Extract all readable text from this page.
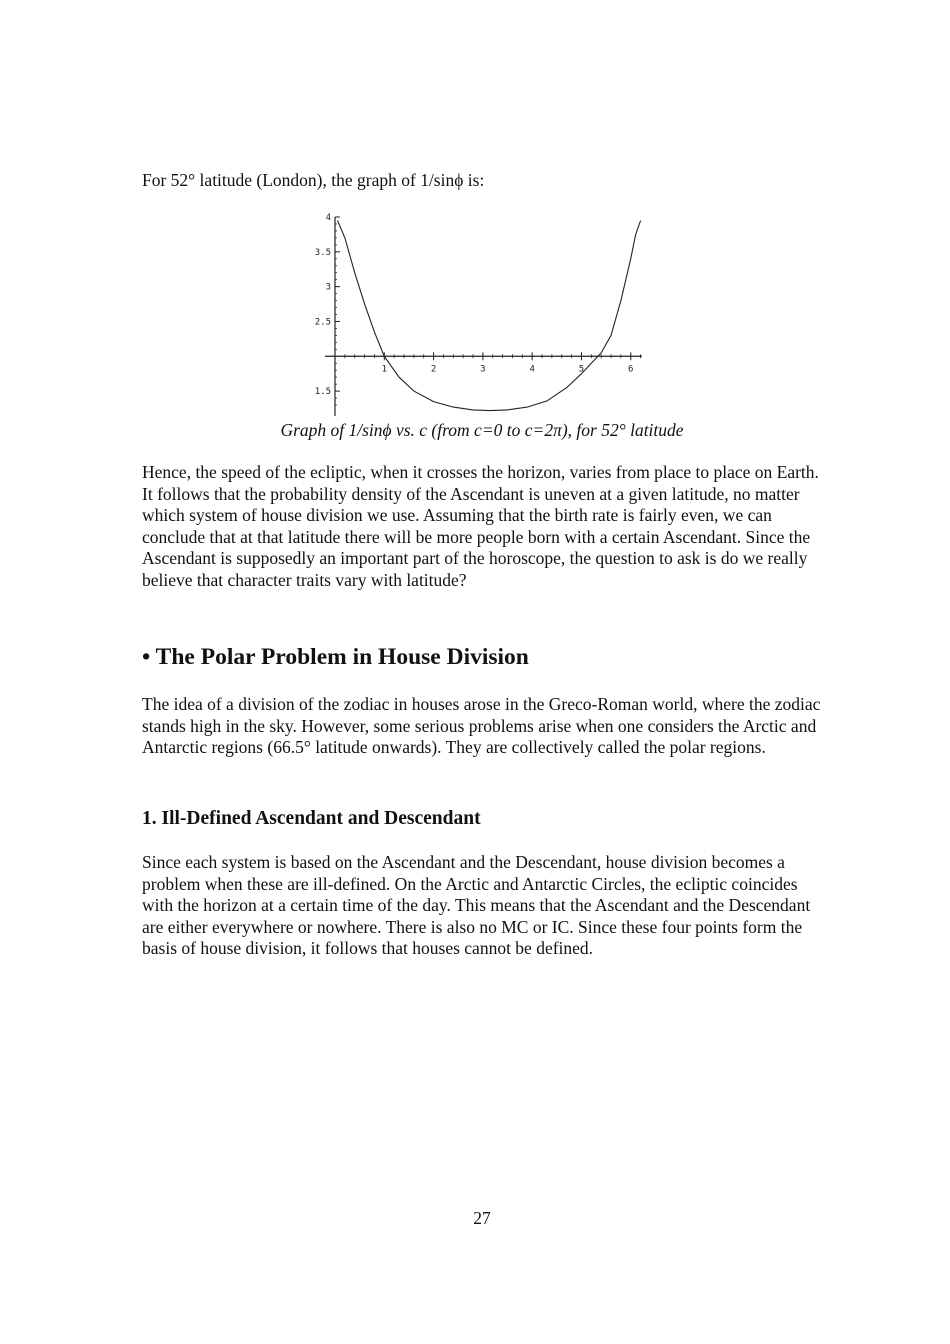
For 52° latitude (London), the graph of 1/sinϕ is:

1	2	3	4	5	6
1.5
2.5
3
3.5
4
Graph of 1/sinϕ vs. c (from c=0 to c=2π), for 52° latitude

Hence, the speed of the ecliptic, when it crosses the horizon, varies from place to place on Earth. It follows that the probability density of the Ascendant is uneven at a given latitude, no matter which system of house division we use. Assuming that the birth rate is fairly even, we can conclude that at that latitude there will be more people born with a certain Ascendant. Since the Ascendant is supposedly an important part of the horoscope, the question to ask is do we really believe that character traits vary with latitude?

• The Polar Problem in House Division

The idea of a division of the zodiac in houses arose in the Greco-Roman world, where the zodiac stands high in the sky. However, some serious problems arise when one considers the Arctic and Antarctic regions (66.5° latitude onwards). They are collectively called the polar regions.

1. Ill-Defined Ascendant and Descendant

Since each system is based on the Ascendant and the Descendant, house division becomes a problem when these are ill-defined. On the Arctic and Antarctic Circles, the ecliptic coincides with the horizon at a certain time of the day. This means that the Ascendant and the Descendant are either everywhere or nowhere. There is also no MC or IC. Since these four points form the basis of house division, it follows that houses cannot be defined.

27
